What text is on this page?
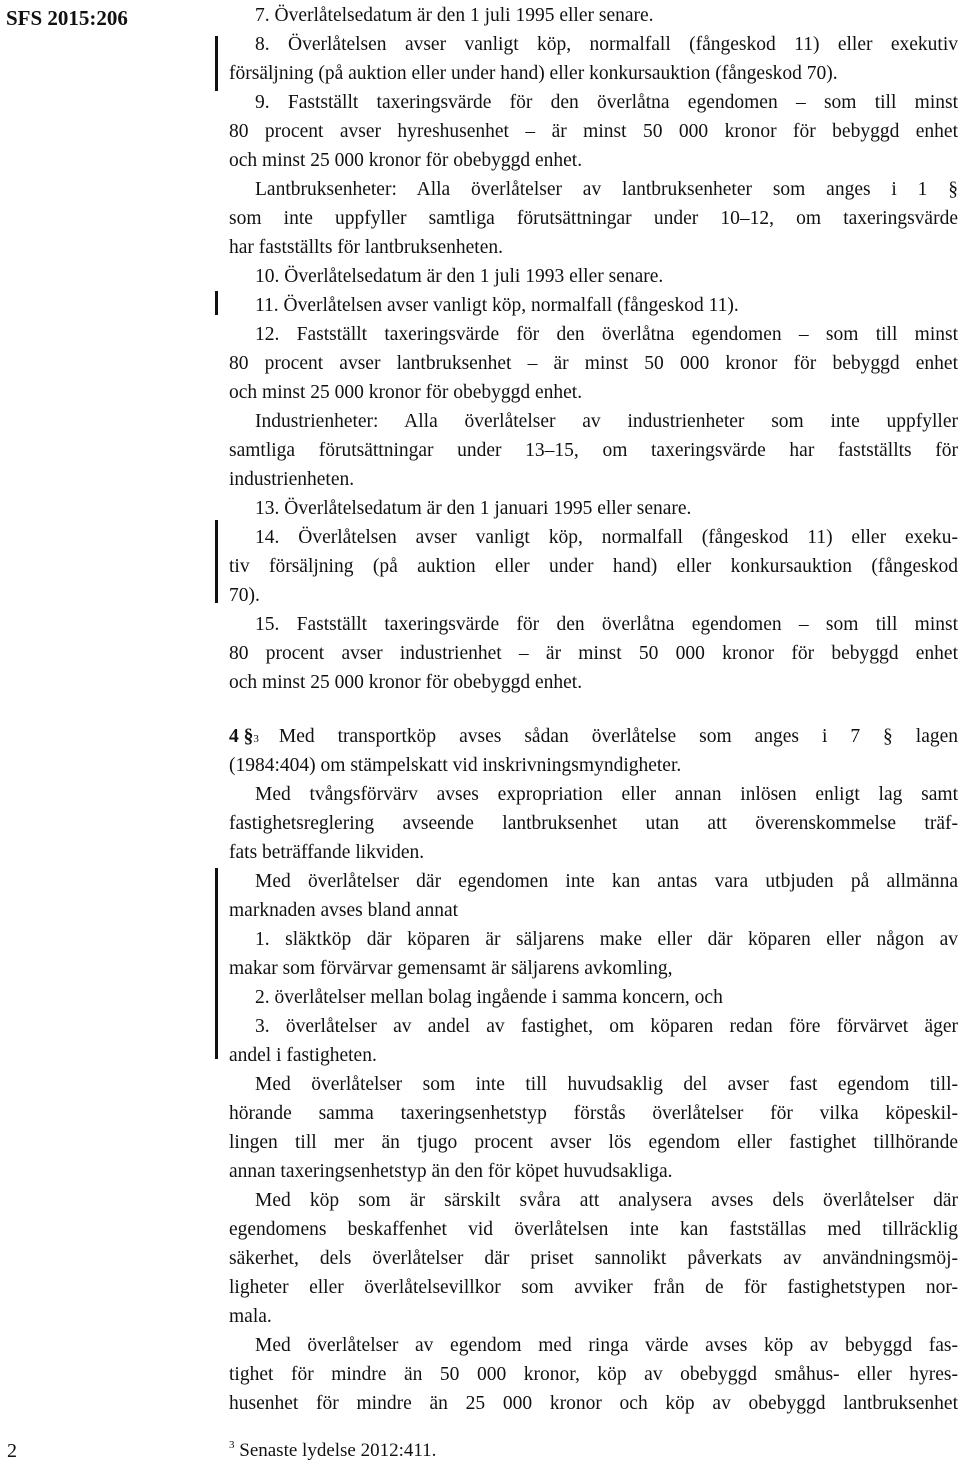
SFS 2015:206	7. Överlåtelsedatum är den 1 juli 1995 eller senare.
8. Överlåtelsen avser vanligt köp, normalfall (fångeskod 11) eller exekutiv
försäljning (på auktion eller under hand) eller konkursauktion (fångeskod 70).
9. Fastställt taxeringsvärde för den överlåtna egendomen – som till minst
80 procent avser hyreshusenhet – är minst 50 000 kronor för bebyggd enhet
och minst 25 000 kronor för obebyggd enhet.
Lantbruksenheter: Alla överlåtelser av lantbruksenheter som anges i 1 §
som inte uppfyller samtliga förutsättningar under 10–12, om taxeringsvärde
har fastställts för lantbruksenheten.
10. Överlåtelsedatum är den 1 juli 1993 eller senare.
11. Överlåtelsen avser vanligt köp, normalfall (fångeskod 11).
12. Fastställt taxeringsvärde för den överlåtna egendomen – som till minst
80 procent avser lantbruksenhet – är minst 50 000 kronor för bebyggd enhet
och minst 25 000 kronor för obebyggd enhet.
Industrienheter: Alla överlåtelser av industrienheter som inte uppfyller
samtliga förutsättningar under 13–15, om taxeringsvärde har fastställts för
industrienheten.
13. Överlåtelsedatum är den 1 januari 1995 eller senare.
14. Överlåtelsen avser vanligt köp, normalfall (fångeskod 11) eller exeku-
tiv försäljning (på auktion eller under hand) eller konkursauktion (fångeskod
70).
15. Fastställt taxeringsvärde för den överlåtna egendomen – som till minst
80 procent avser industrienhet – är minst 50 000 kronor för bebyggd enhet
och minst 25 000 kronor för obebyggd enhet.
4 § 3 Med transportköp avses sådan överlåtelse som anges i 7 § lagen
(1984:404) om stämpelskatt vid inskrivningsmyndigheter.
Med tvångsförvärv avses expropriation eller annan inlösen enligt lag samt
fastighetsreglering avseende lantbruksenhet utan att överenskommelse träf-
fats beträffande likviden.
Med överlåtelser där egendomen inte kan antas vara utbjuden på allmänna
marknaden avses bland annat
1. släktköp där köparen är säljarens make eller där köparen eller någon av
makar som förvärvar gemensamt är säljarens avkomling,
2. överlåtelser mellan bolag ingående i samma koncern, och
3. överlåtelser av andel av fastighet, om köparen redan före förvärvet äger
andel i fastigheten.
Med överlåtelser som inte till huvudsaklig del avser fast egendom till-
hörande samma taxeringsenhetstyp förstås överlåtelser för vilka köpeskil-
lingen till mer än tjugo procent avser lös egendom eller fastighet tillhörande
annan taxeringsenhetstyp än den för köpet huvudsakliga.
Med köp som är särskilt svåra att analysera avses dels överlåtelser där
egendomens beskaffenhet vid överlåtelsen inte kan fastställas med tillräcklig
säkerhet, dels överlåtelser där priset sannolikt påverkats av användningsmöj-
ligheter eller överlåtelsevillkor som avviker från de för fastighetstypen nor-
mala.
Med överlåtelser av egendom med ringa värde avses köp av bebyggd fas-
tighet för mindre än 50 000 kronor, köp av obebyggd småhus- eller hyres-
husenhet för mindre än 25 000 kronor och köp av obebyggd lantbruksenhet
2	$^3$ Senaste lydelse 2012:411.
